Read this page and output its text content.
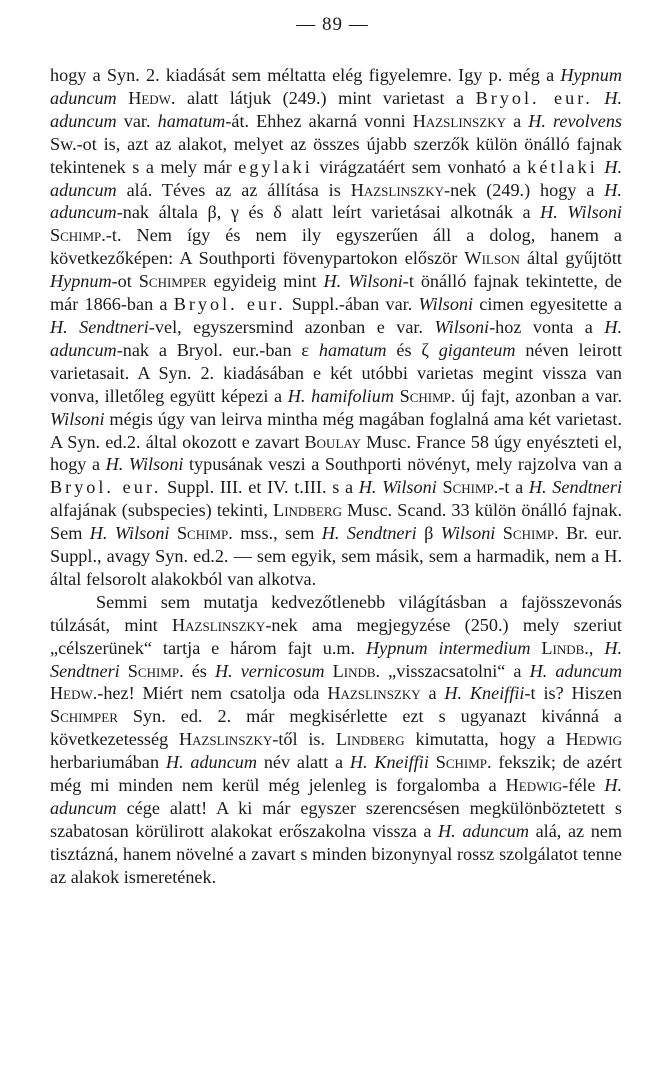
— 89 —

hogy a Syn. 2. kiadását sem méltatta elég figyelemre. Igy p. még a Hypnum aduncum Hedw. alatt látjuk (249.) mint varietast a Bryol. eur. H. aduncum var. hamatum-át. Ehhez akarná vonni Hazslinszky a H. revolvens Sw.-ot is, azt az alakot, melyet az összes újabb szerzők külön önálló fajnak tekintenek s a mely már egylaki virágzatáért sem vonható a kétlaki H. aduncum alá. Téves az az állítása is Hazslinszky-nek (249.) hogy a H. aduncum-nak általa β, γ és δ alatt leírt varietásai alkotnák a H. Wilsoni Schimp.-t. Nem így és nem ily egyszerűen áll a dolog, hanem a következőképen: A Southporti fövenypartokon először Wilson által gyűjtött Hypnum-ot Schimper egyideig mint H. Wilsoni-t önálló fajnak tekintette, de már 1866-ban a Bryol. eur. Suppl.-ában var. Wilsoni cimen egyesitette a H. Sendtneri-vel, egyszersmind azonban e var. Wilsoni-hoz vonta a H. aduncum-nak a Bryol. eur.-ban ε hamatum és ζ giganteum néven leirott varietasait. A Syn. 2. kiadásában e két utóbbi varietas megint vissza van vonva, illetőleg együtt képezi a H. hamifolium Schimp. új fajt, azonban a var. Wilsoni mégis úgy van leirva mintha még magában foglalná ama két varietast. A Syn. ed.2. által okozott e zavart Boulay Musc. France 58 úgy enyészteti el, hogy a H. Wilsoni typusának veszi a Southporti növényt, mely rajzolva van a Bryol. eur. Suppl. III. et IV. t.III. s a H. Wilsoni Schimp.-t a H. Sendtneri alfajának (subspecies) tekinti, Lindberg Musc. Scand. 33 külön önálló fajnak. Sem H. Wilsoni Schimp. mss., sem H. Sendtneri β Wilsoni Schimp. Br. eur. Suppl., avagy Syn. ed.2. — sem egyik, sem másik, sem a harmadik, nem a H. által felsorolt alakokból van alkotva.

Semmi sem mutatja kedvezőtlenebb világításban a fajösszevonás túlzását, mint Hazslinszky-nek ama megjegyzése (250.) mely szeriut „célszerünek“ tartja e három fajt u.m. Hypnum intermedium Lindb., H. Sendtneri Schimp. és H. vernicosum Lindb. „visszacsatolni“ a H. aduncum Hedw.-hez! Miért nem csatolja oda Hazslinszky a H. Kneiffii-t is? Hiszen Schimper Syn. ed. 2. már megkisérlette ezt s ugyanazt kivánná a következetesség Hazslinszky-től is. Lindberg kimutatta, hogy a Hedwig herbariumában H. aduncum név alatt a H. Kneiffii Schimp. fekszik; de azért még mi minden nem kerül még jelenleg is forgalomba a Hedwig-féle H. aduncum cége alatt! A ki már egyszer szerencsésen megkülönböztetett s szabatosan körülirott alakokat erőszakolna vissza a H. aduncum alá, az nem tisztázná, hanem növelné a zavart s minden bizonynyal rossz szolgálatot tenne az alakok ismeretének.
